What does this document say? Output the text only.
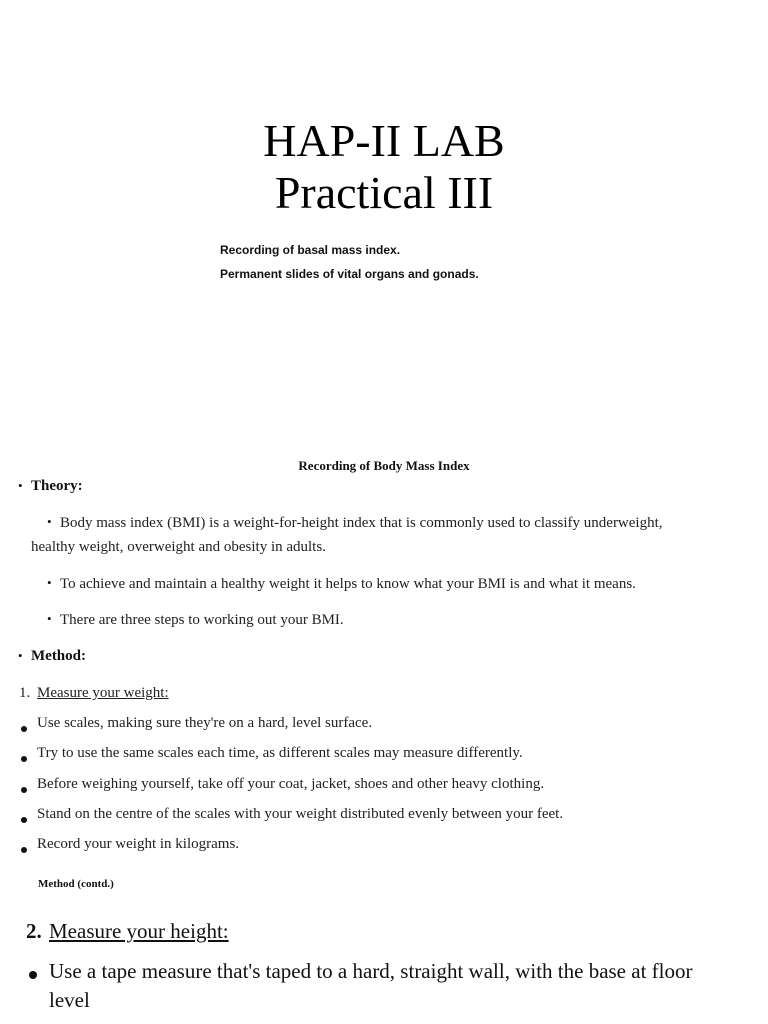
HAP-II LAB
Practical III
Recording of basal mass index.
Permanent slides of vital organs and gonads.
Recording of Body Mass Index
• Theory:
• Body mass index (BMI) is a weight-for-height index that is commonly used to classify underweight,
healthy weight, overweight and obesity in adults.
• To achieve and maintain a healthy weight it helps to know what your BMI is and what it means.
• There are three steps to working out your BMI.
• Method:
1. Measure your weight:
Use scales, making sure they're on a hard, level surface.
Try to use the same scales each time, as different scales may measure differently.
Before weighing yourself, take off your coat, jacket, shoes and other heavy clothing.
Stand on the centre of the scales with your weight distributed evenly between your feet.
Record your weight in kilograms.
Method (contd.)
2. Measure your height:
Use a tape measure that's taped to a hard, straight wall, with the base at floor
level
